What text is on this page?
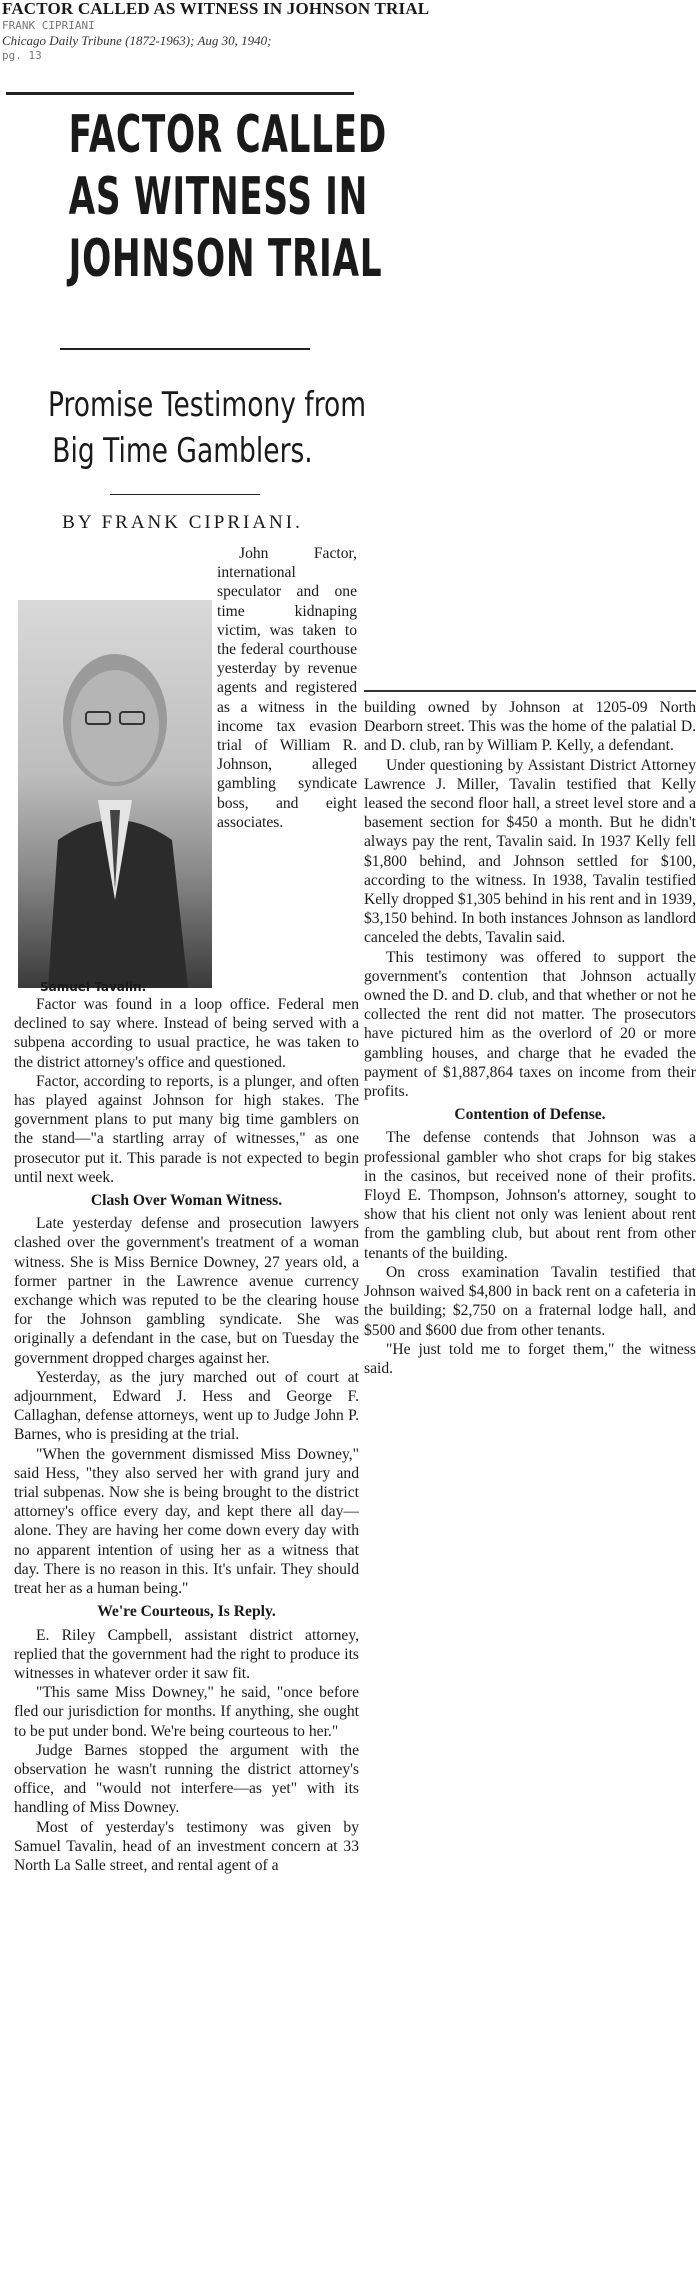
FACTOR CALLED AS WITNESS IN JOHNSON TRIAL
FRANK CIPRIANI
Chicago Daily Tribune (1872-1963); Aug 30, 1940;
pg. 13
FACTOR CALLED
AS WITNESS IN
JOHNSON TRIAL
Promise Testimony from
Big Time Gamblers.
BY FRANK CIPRIANI.
Samuel Tavalin.

John Factor, international speculator and one time kidnaping victim, was taken to the federal courthouse yesterday by revenue agents and registered as a witness in the income tax evasion trial of William R. Johnson, alleged gambling syndicate boss, and eight associates.

Factor was found in a loop office. Federal men declined to say where. Instead of being served with a subpena according to usual practice, he was taken to the district attorney's office and questioned.

Factor, according to reports, is a plunger, and often has played against Johnson for high stakes. The government plans to put many big time gamblers on the stand—"a startling array of witnesses," as one prosecutor put it. This parade is not expected to begin until next week.

Clash Over Woman Witness.

Late yesterday defense and prosecution lawyers clashed over the government's treatment of a woman witness. She is Miss Bernice Downey, 27 years old, a former partner in the Lawrence avenue currency exchange which was reputed to be the clearing house for the Johnson gambling syndicate. She was originally a defendant in the case, but on Tuesday the government dropped charges against her.

Yesterday, as the jury marched out of court at adjournment, Edward J. Hess and George F. Callaghan, defense attorneys, went up to Judge John P. Barnes, who is presiding at the trial.

"When the government dismissed Miss Downey," said Hess, "they also served her with grand jury and trial subpenas. Now she is being brought to the district attorney's office every day, and kept there all day—alone. They are having her come down every day with no apparent intention of using her as a witness that day. There is no reason in this. It's unfair. They should treat her as a human being."

We're Courteous, Is Reply.

E. Riley Campbell, assistant district attorney, replied that the government had the right to produce its witnesses in whatever order it saw fit.

"This same Miss Downey," he said, "once before fled our jurisdiction for months. If anything, she ought to be put under bond. We're being courteous to her."

Judge Barnes stopped the argument with the observation he wasn't running the district attorney's office, and "would not interfere—as yet" with its handling of Miss Downey.

Most of yesterday's testimony was given by Samuel Tavalin, head of an investment concern at 33 North La Salle street, and rental agent of a

building owned by Johnson at 1205-09 North Dearborn street. This was the home of the palatial D. and D. club, ran by William P. Kelly, a defendant.

Under questioning by Assistant District Attorney Lawrence J. Miller, Tavalin testified that Kelly leased the second floor hall, a street level store and a basement section for $450 a month. But he didn't always pay the rent, Tavalin said. In 1937 Kelly fell $1,800 behind, and Johnson settled for $100, according to the witness. In 1938, Tavalin testified Kelly dropped $1,305 behind in his rent and in 1939, $3,150 behind. In both instances Johnson as landlord canceled the debts, Tavalin said.

This testimony was offered to support the government's contention that Johnson actually owned the D. and D. club, and that whether or not he collected the rent did not matter. The prosecutors have pictured him as the overlord of 20 or more gambling houses, and charge that he evaded the payment of $1,887,864 taxes on income from their profits.

Contention of Defense.

The defense contends that Johnson was a professional gambler who shot craps for big stakes in the casinos, but received none of their profits. Floyd E. Thompson, Johnson's attorney, sought to show that his client not only was lenient about rent from the gambling club, but about rent from other tenants of the building.

On cross examination Tavalin testified that Johnson waived $4,800 in back rent on a cafeteria in the building; $2,750 on a fraternal lodge hall, and $500 and $600 due from other tenants.

"He just told me to forget them," the witness said.
